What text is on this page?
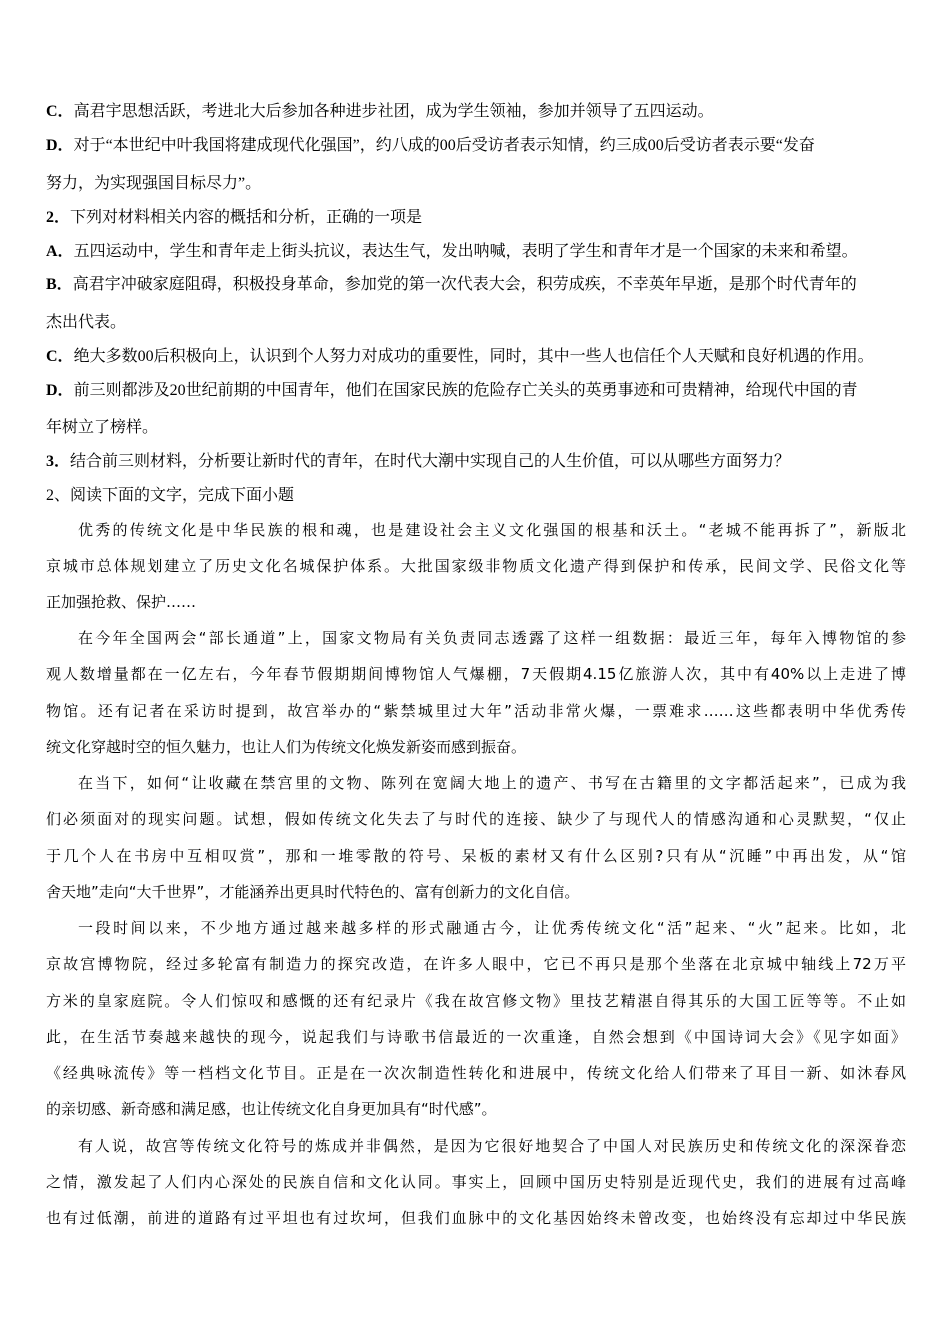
C．高君宇思想活跃，考进北大后参加各种进步社团，成为学生领袖，参加并领导了五四运动。
D．对于“本世纪中叶我国将建成现代化强国”，约八成的00后受访者表示知情，约三成00后受访者表示要“发奋
努力，为实现强国目标尽力”。
2．下列对材料相关内容的概括和分析，正确的一项是
A．五四运动中，学生和青年走上街头抗议，表达生气，发出呐喊，表明了学生和青年才是一个国家的未来和希望。
B．高君宇冲破家庭阻碍，积极投身革命，参加党的第一次代表大会，积劳成疾，不幸英年早逝，是那个时代青年的
杰出代表。
C．绝大多数00后积极向上，认识到个人努力对成功的重要性，同时，其中一些人也信任个人天赋和良好机遇的作用。
D．前三则都涉及20世纪前期的中国青年，他们在国家民族的危险存亡关头的英勇事迹和可贵精神，给现代中国的青
年树立了榜样。
3．结合前三则材料，分析要让新时代的青年，在时代大潮中实现自己的人生价值，可以从哪些方面努力？
2、阅读下面的文字，完成下面小题
优秀的传统文化是中华民族的根和魂，也是建设社会主义文化强国的根基和沃土。“老城不能再拆了”，新版北
京城市总体规划建立了历史文化名城保护体系。大批国家级非物质文化遗产得到保护和传承，民间文学、民俗文化等
正加强抢救、保护……
在今年全国两会“部长通道”上，国家文物局有关负责同志透露了这样一组数据：最近三年，每年入博物馆的参
观人数增量都在一亿左右，今年春节假期期间博物馆人气爆棚，7天假期4.15亿旅游人次，其中有40%以上走进了博
物馆。还有记者在采访时提到，故宫举办的“紫禁城里过大年”活动非常火爆，一票难求……这些都表明中华优秀传
统文化穿越时空的恒久魅力，也让人们为传统文化焕发新姿而感到振奋。
在当下，如何“让收藏在禁宫里的文物、陈列在宽阔大地上的遗产、书写在古籍里的文字都活起来”，已成为我
们必须面对的现实问题。试想，假如传统文化失去了与时代的连接、缺少了与现代人的情感沟通和心灵默契，“仅止
于几个人在书房中互相叹赏”，那和一堆零散的符号、呆板的素材又有什么区别?只有从“沉睡”中再出发，从“馆
舍天地”走向“大千世界”，才能涵养出更具时代特色的、富有创新力的文化自信。
一段时间以来，不少地方通过越来越多样的形式融通古今，让优秀传统文化“活”起来、“火”起来。比如，北
京故宫博物院，经过多轮富有制造力的探究改造，在许多人眼中，它已不再只是那个坐落在北京城中轴线上72万平
方米的皇家庭院。令人们惊叹和感慨的还有纪录片《我在故宫修文物》里技艺精湛自得其乐的大国工匠等等。不止如
此，在生活节奏越来越快的现今，说起我们与诗歌书信最近的一次重逢，自然会想到《中国诗词大会》《见字如面》
《经典咏流传》等一档档文化节目。正是在一次次制造性转化和进展中，传统文化给人们带来了耳目一新、如沐春风
的亲切感、新奇感和满足感，也让传统文化自身更加具有“时代感”。
有人说，故宫等传统文化符号的炼成并非偶然，是因为它很好地契合了中国人对民族历史和传统文化的深深眷恋
之情，激发起了人们内心深处的民族自信和文化认同。事实上，回顾中国历史特别是近现代史，我们的进展有过高峰
也有过低潮，前进的道路有过平坦也有过坎坷，但我们血脉中的文化基因始终未曾改变，也始终没有忘却过中华民族
